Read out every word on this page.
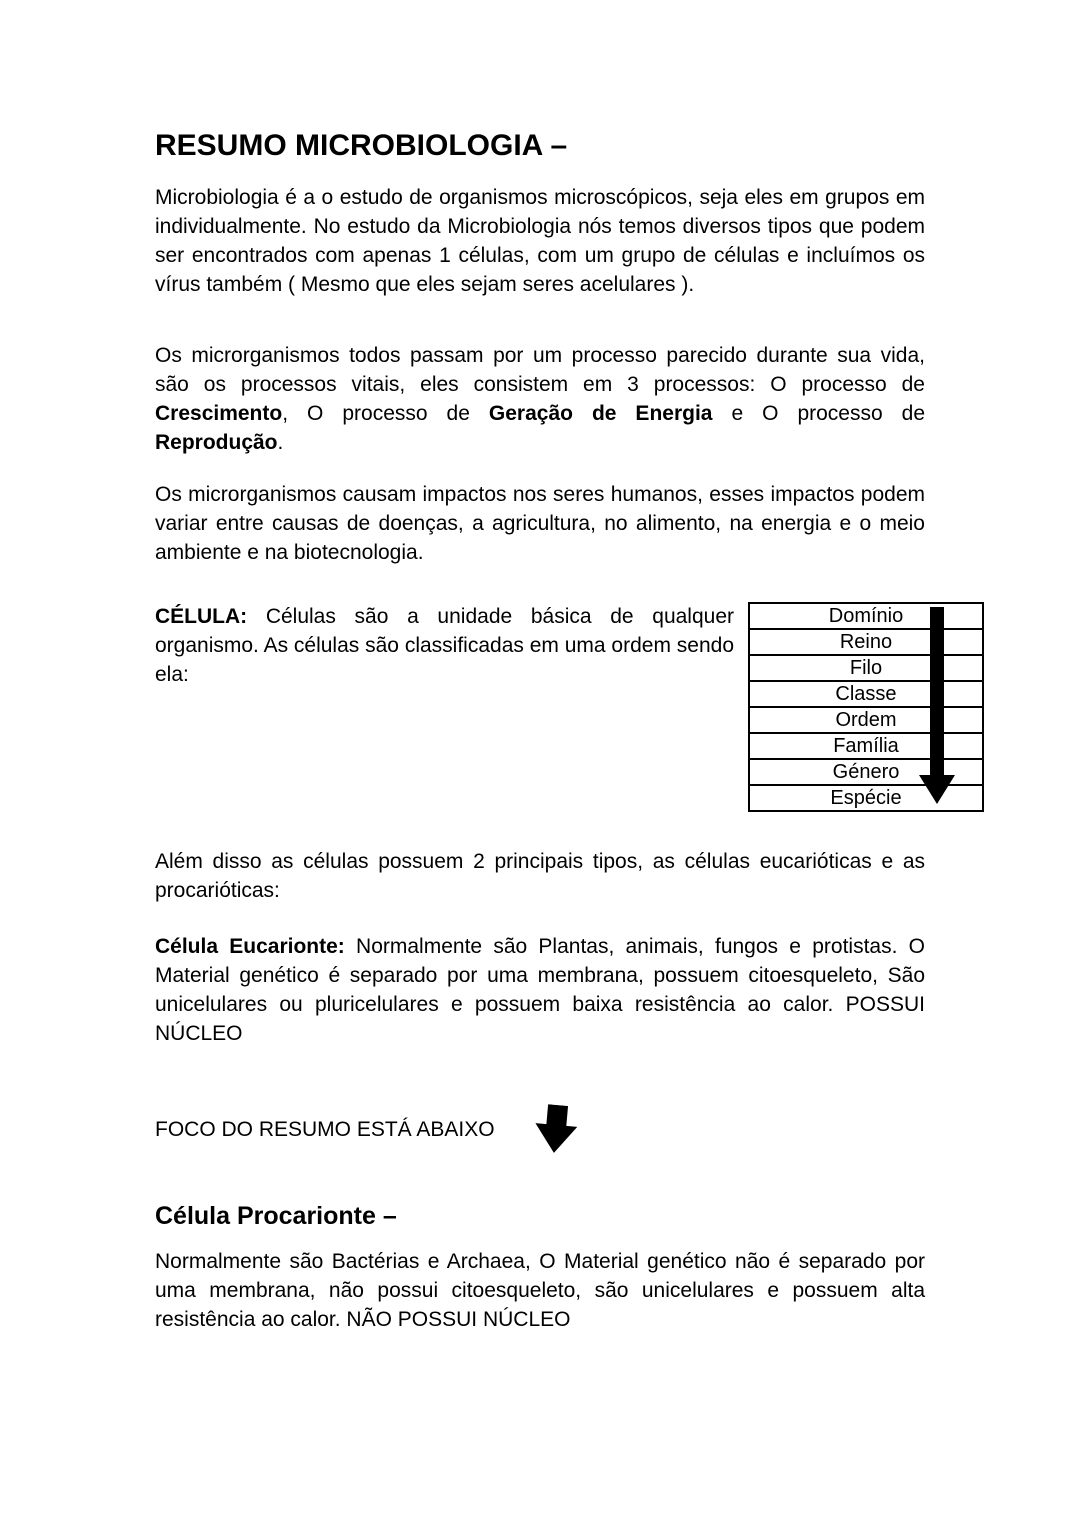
RESUMO MICROBIOLOGIA –

Microbiologia é a o estudo de organismos microscópicos, seja eles em grupos em individualmente. No estudo da Microbiologia nós temos diversos tipos que podem ser encontrados com apenas 1 células, com um grupo de células e incluímos os vírus também ( Mesmo que eles sejam seres acelulares ).

Os microrganismos todos passam por um processo parecido durante sua vida, são os processos vitais, eles consistem em 3 processos: O processo de Crescimento, O processo de Geração de Energia e O processo de Reprodução.

Os microrganismos causam impactos nos seres humanos, esses impactos podem variar entre causas de doenças, a agricultura, no alimento, na energia e o meio ambiente e na biotecnologia.

Domínio
Reino
Filo
Classe
Ordem
Família
Género
Espécie

CÉLULA: Células são a unidade básica de qualquer organismo. As células são classificadas em uma ordem sendo ela:

Além disso as células possuem 2 principais tipos, as células eucarióticas e as procarióticas:

Célula Eucarionte: Normalmente são Plantas, animais, fungos e protistas. O Material genético é separado por uma membrana, possuem citoesqueleto, São unicelulares ou pluricelulares e possuem baixa resistência ao calor. POSSUI NÚCLEO

FOCO DO RESUMO ESTÁ ABAIXO
Célula Procarionte –

Normalmente são Bactérias e Archaea, O Material genético não é separado por uma membrana, não possui citoesqueleto, são unicelulares e possuem alta resistência ao calor. NÃO POSSUI NÚCLEO
